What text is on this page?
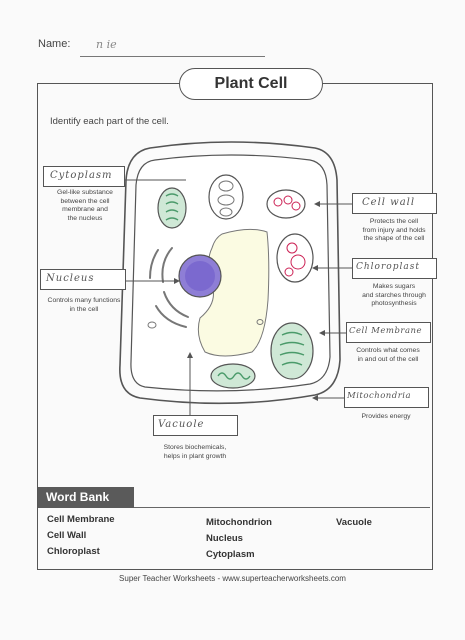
Name: n ie
Plant Cell
Identify each part of the cell.
Cytoplasm
Gel-like substance
between the cell
membrane and
the nucleus
Nucleus
Controls many functions
in the cell
Vacuole
Stores biochemicals,
helps in plant growth
Cell wall
Protects the cell
from injury and holds
the shape of the cell
Chloroplast
Makes sugars
and starches through
photosynthesis
Cell Membrane
Controls what comes
in and out of the cell
Mitochondria
Provides energy
Word Bank
Cell Membrane
Cell Wall
Chloroplast
Mitochondrion
Nucleus
Cytoplasm
Vacuole
Super Teacher Worksheets - www.superteacherworksheets.com
